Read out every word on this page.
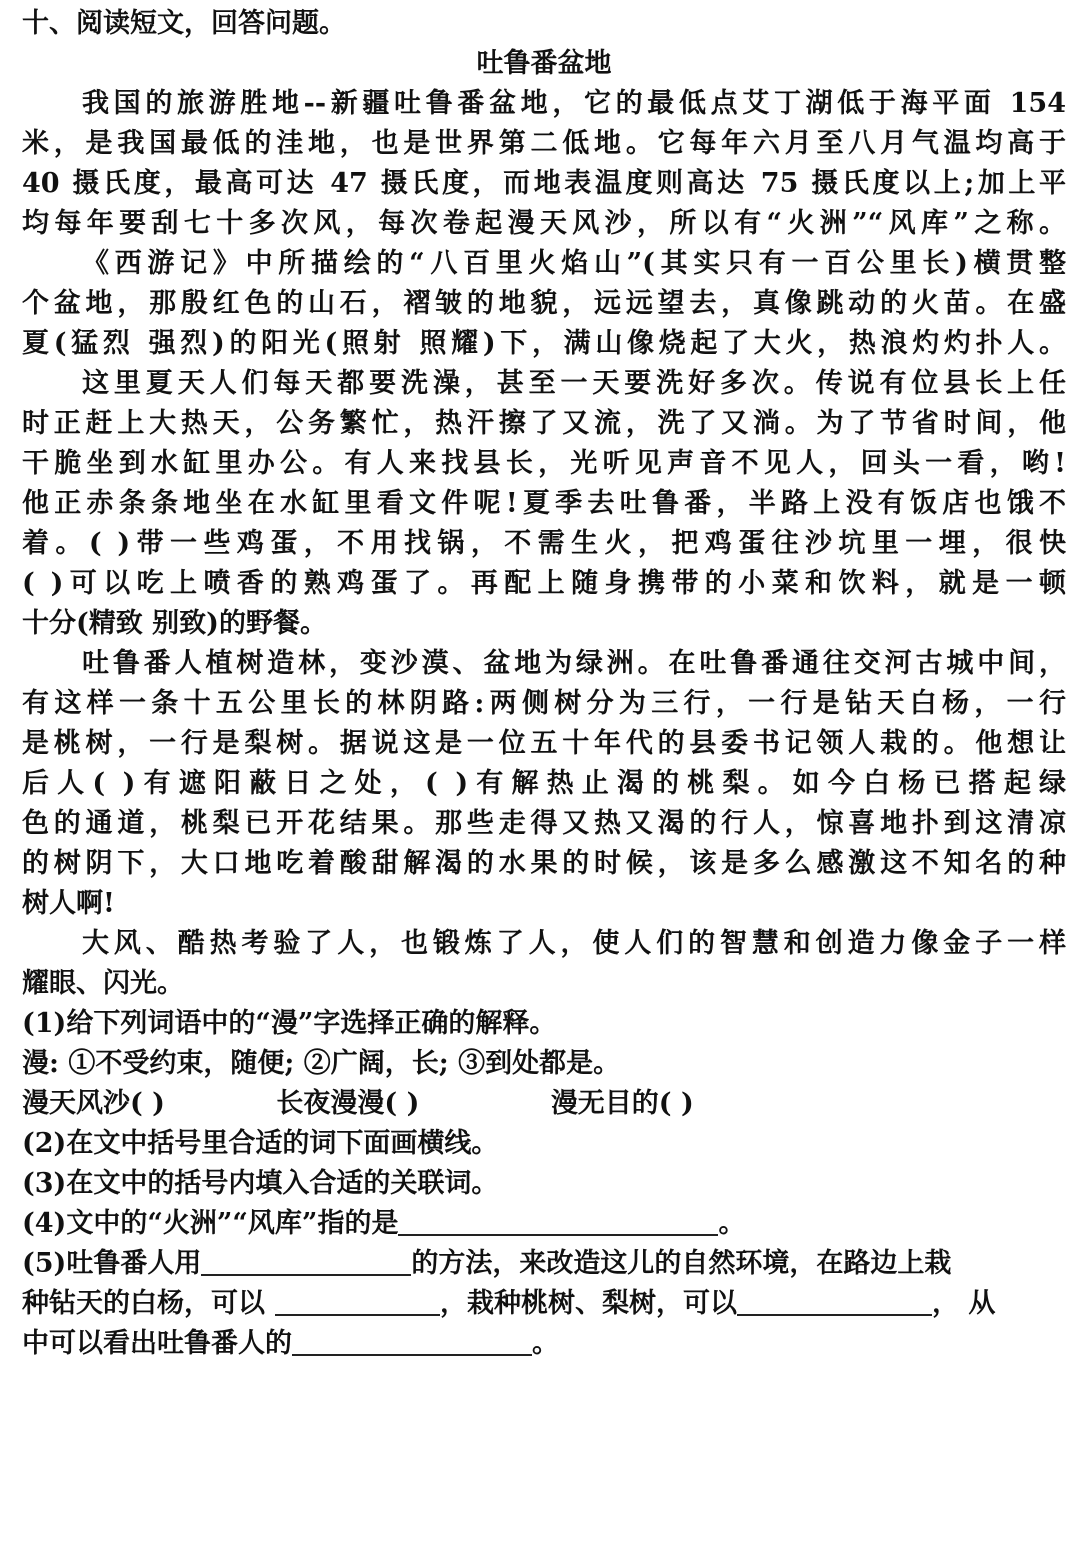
十、阅读短文，回答问题。
吐鲁番盆地
我国的旅游胜地--新疆吐鲁番盆地，它的最低点艾丁湖低于海平面 154
米，是我国最低的洼地，也是世界第二低地。它每年六月至八月气温均高于
40 摄氏度，最高可达 47 摄氏度，而地表温度则高达 75 摄氏度以上;加上平
均每年要刮七十多次风，每次卷起漫天风沙，所以有“火洲”“风库”之称。
《西游记》中所描绘的“八百里火焰山”(其实只有一百公里长)横贯整
个盆地，那殷红色的山石，褶皱的地貌，远远望去，真像跳动的火苗。在盛
夏(猛烈 强烈)的阳光(照射 照耀)下，满山像烧起了大火，热浪灼灼扑人。
这里夏天人们每天都要洗澡，甚至一天要洗好多次。传说有位县长上任
时正赶上大热天，公务繁忙，热汗擦了又流，洗了又淌。为了节省时间，他
干脆坐到水缸里办公。有人来找县长，光听见声音不见人，回头一看，哟!
他正赤条条地坐在水缸里看文件呢!夏季去吐鲁番，半路上没有饭店也饿不
着。( )带一些鸡蛋，不用找锅，不需生火，把鸡蛋往沙坑里一埋，很快
( )可以吃上喷香的熟鸡蛋了。再配上随身携带的小菜和饮料，就是一顿
十分(精致 别致)的野餐。
吐鲁番人植树造林，变沙漠、盆地为绿洲。在吐鲁番通往交河古城中间，
有这样一条十五公里长的林阴路:两侧树分为三行，一行是钻天白杨，一行
是桃树，一行是梨树。据说这是一位五十年代的县委书记领人栽的。他想让
后人( )有遮阳蔽日之处，( )有解热止渴的桃梨。如今白杨已搭起绿
色的通道，桃梨已开花结果。那些走得又热又渴的行人，惊喜地扑到这清凉
的树阴下，大口地吃着酸甜解渴的水果的时候，该是多么感激这不知名的种
树人啊!
大风、酷热考验了人，也锻炼了人，使人们的智慧和创造力像金子一样
耀眼、闪光。
(1)给下列词语中的“漫”字选择正确的解释。
漫: ①不受约束，随便; ②广阔，长; ③到处都是。
漫天风沙( )	长夜漫漫( )	漫无目的( )
(2)在文中括号里合适的词下面画横线。
(3)在文中的括号内填入合适的关联词。
(4)文中的“火洲”“风库”指的是	。
(5)吐鲁番人用	的方法，来改造这儿的自然环境，在路边上栽
种钻天的白杨，可以	，栽种桃树、梨树，可以	， 从
中可以看出吐鲁番人的	。
